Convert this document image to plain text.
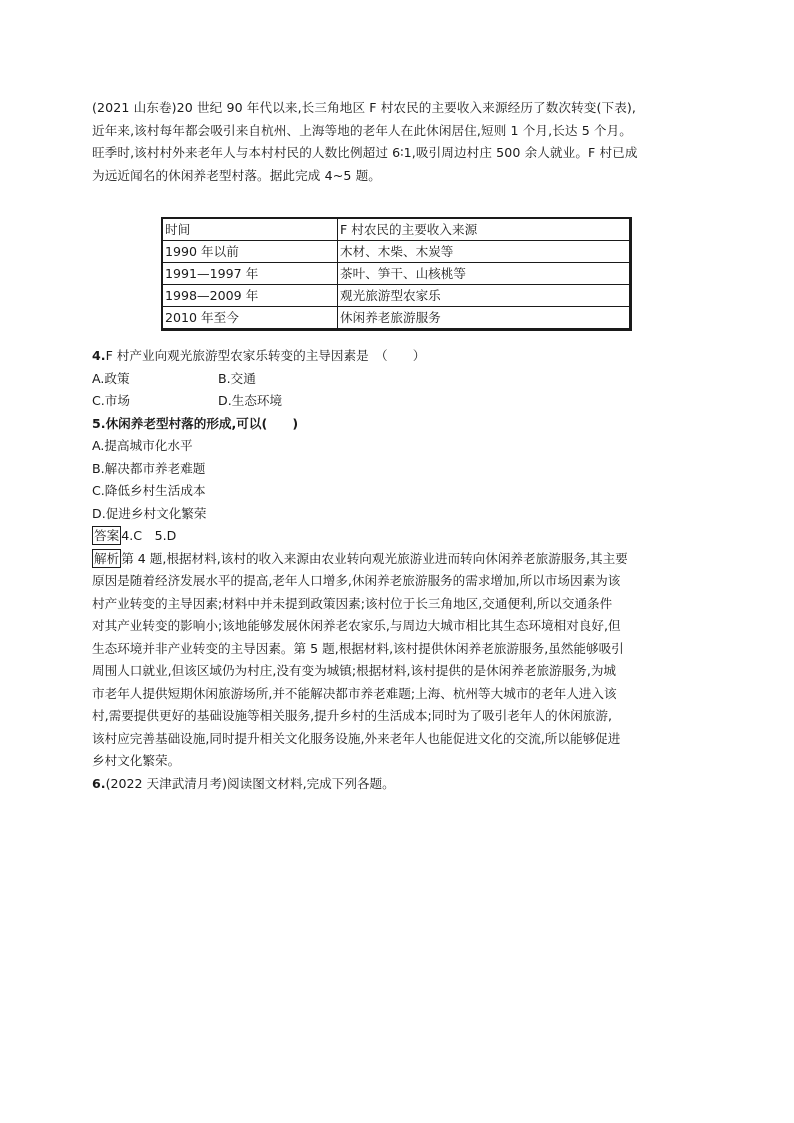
(2021 山东卷)20 世纪 90 年代以来,长三角地区 F 村农民的主要收入来源经历了数次转变(下表),
近年来,该村每年都会吸引来自杭州、上海等地的老年人在此休闲居住,短则 1 个月,长达 5 个月。
旺季时,该村村外来老年人与本村村民的人数比例超过 6∶1,吸引周边村庄 500 余人就业。F 村已成
为远近闻名的休闲养老型村落。据此完成 4~5 题。
时间	F 村农民的主要收入来源
1990 年以前	木材、木柴、木炭等
1991—1997 年	茶叶、笋干、山核桃等
1998—2009 年	观光旅游型农家乐
2010 年至今	休闲养老旅游服务
4.F 村产业向观光旅游型农家乐转变的主导因素是　（　　）
A.政策	B.交通
C.市场	D.生态环境
5.休闲养老型村落的形成,可以(　　)
A.提高城市化水平
B.解决都市养老难题
C.降低乡村生活成本
D.促进乡村文化繁荣
答案 4.C　5.D
解析 第 4 题,根据材料,该村的收入来源由农业转向观光旅游业进而转向休闲养老旅游服务,其主要
原因是随着经济发展水平的提高,老年人口增多,休闲养老旅游服务的需求增加,所以市场因素为该
村产业转变的主导因素;材料中并未提到政策因素;该村位于长三角地区,交通便利,所以交通条件
对其产业转变的影响小;该地能够发展休闲养老农家乐,与周边大城市相比其生态环境相对良好,但
生态环境并非产业转变的主导因素。第 5 题,根据材料,该村提供休闲养老旅游服务,虽然能够吸引
周围人口就业,但该区域仍为村庄,没有变为城镇;根据材料,该村提供的是休闲养老旅游服务,为城
市老年人提供短期休闲旅游场所,并不能解决都市养老难题;上海、杭州等大城市的老年人进入该
村,需要提供更好的基础设施等相关服务,提升乡村的生活成本;同时为了吸引老年人的休闲旅游,
该村应完善基础设施,同时提升相关文化服务设施,外来老年人也能促进文化的交流,所以能够促进
乡村文化繁荣。
6.(2022 天津武清月考)阅读图文材料,完成下列各题。
